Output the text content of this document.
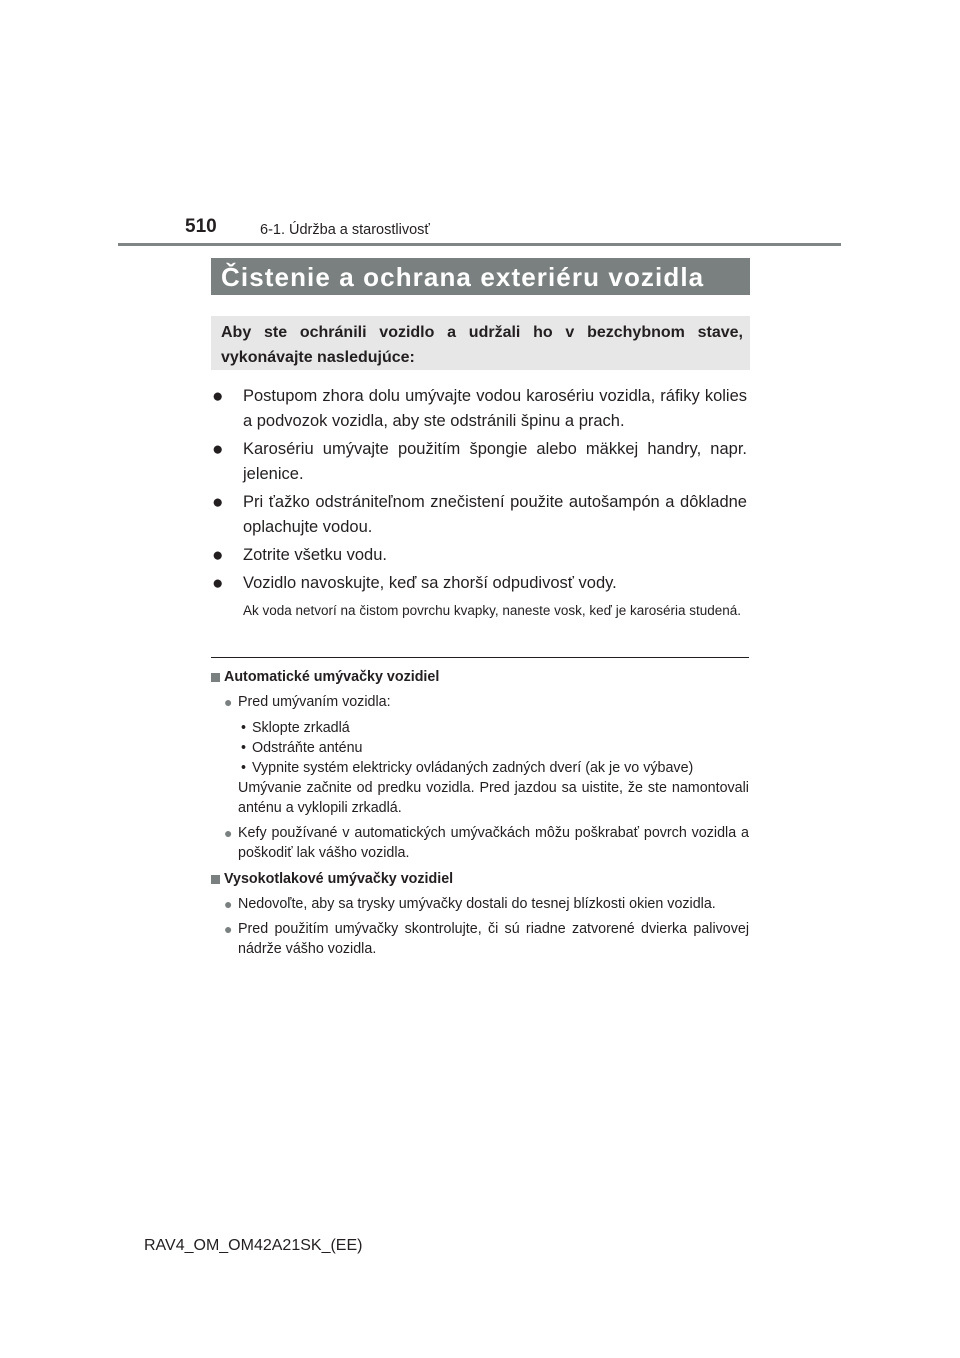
510	6-1. Údržba a starostlivosť
Čistenie a ochrana exteriéru vozidla
Aby ste ochránili vozidlo a udržali ho v bezchybnom stave, vykonávajte nasledujúce:
● Postupom zhora dolu umývajte vodou karosériu vozidla, ráfiky kolies a podvozok vozidla, aby ste odstránili špinu a prach.
● Karosériu umývajte použitím špongie alebo mäkkej handry, napr. jelenice.
● Pri ťažko odstrániteľnom znečistení použite autošampón a dôkladne oplachujte vodou.
● Zotrite všetku vodu.
● Vozidlo navoskujte, keď sa zhorší odpudivosť vody.
Ak voda netvorí na čistom povrchu kvapky, naneste vosk, keď je karoséria studená.
Automatické umývačky vozidiel
● Pred umývaním vozidla:
• Sklopte zrkadlá
• Odstráňte anténu
• Vypnite systém elektricky ovládaných zadných dverí (ak je vo výbave)
Umývanie začnite od predku vozidla. Pred jazdou sa uistite, že ste namontovali anténu a vyklopili zrkadlá.
● Kefy používané v automatických umývačkách môžu poškrabať povrch vozidla a poškodiť lak vášho vozidla.
Vysokotlakové umývačky vozidiel
● Nedovoľte, aby sa trysky umývačky dostali do tesnej blízkosti okien vozidla.
● Pred použitím umývačky skontrolujte, či sú riadne zatvorené dvierka palivovej nádrže vášho vozidla.
RAV4_OM_OM42A21SK_(EE)
